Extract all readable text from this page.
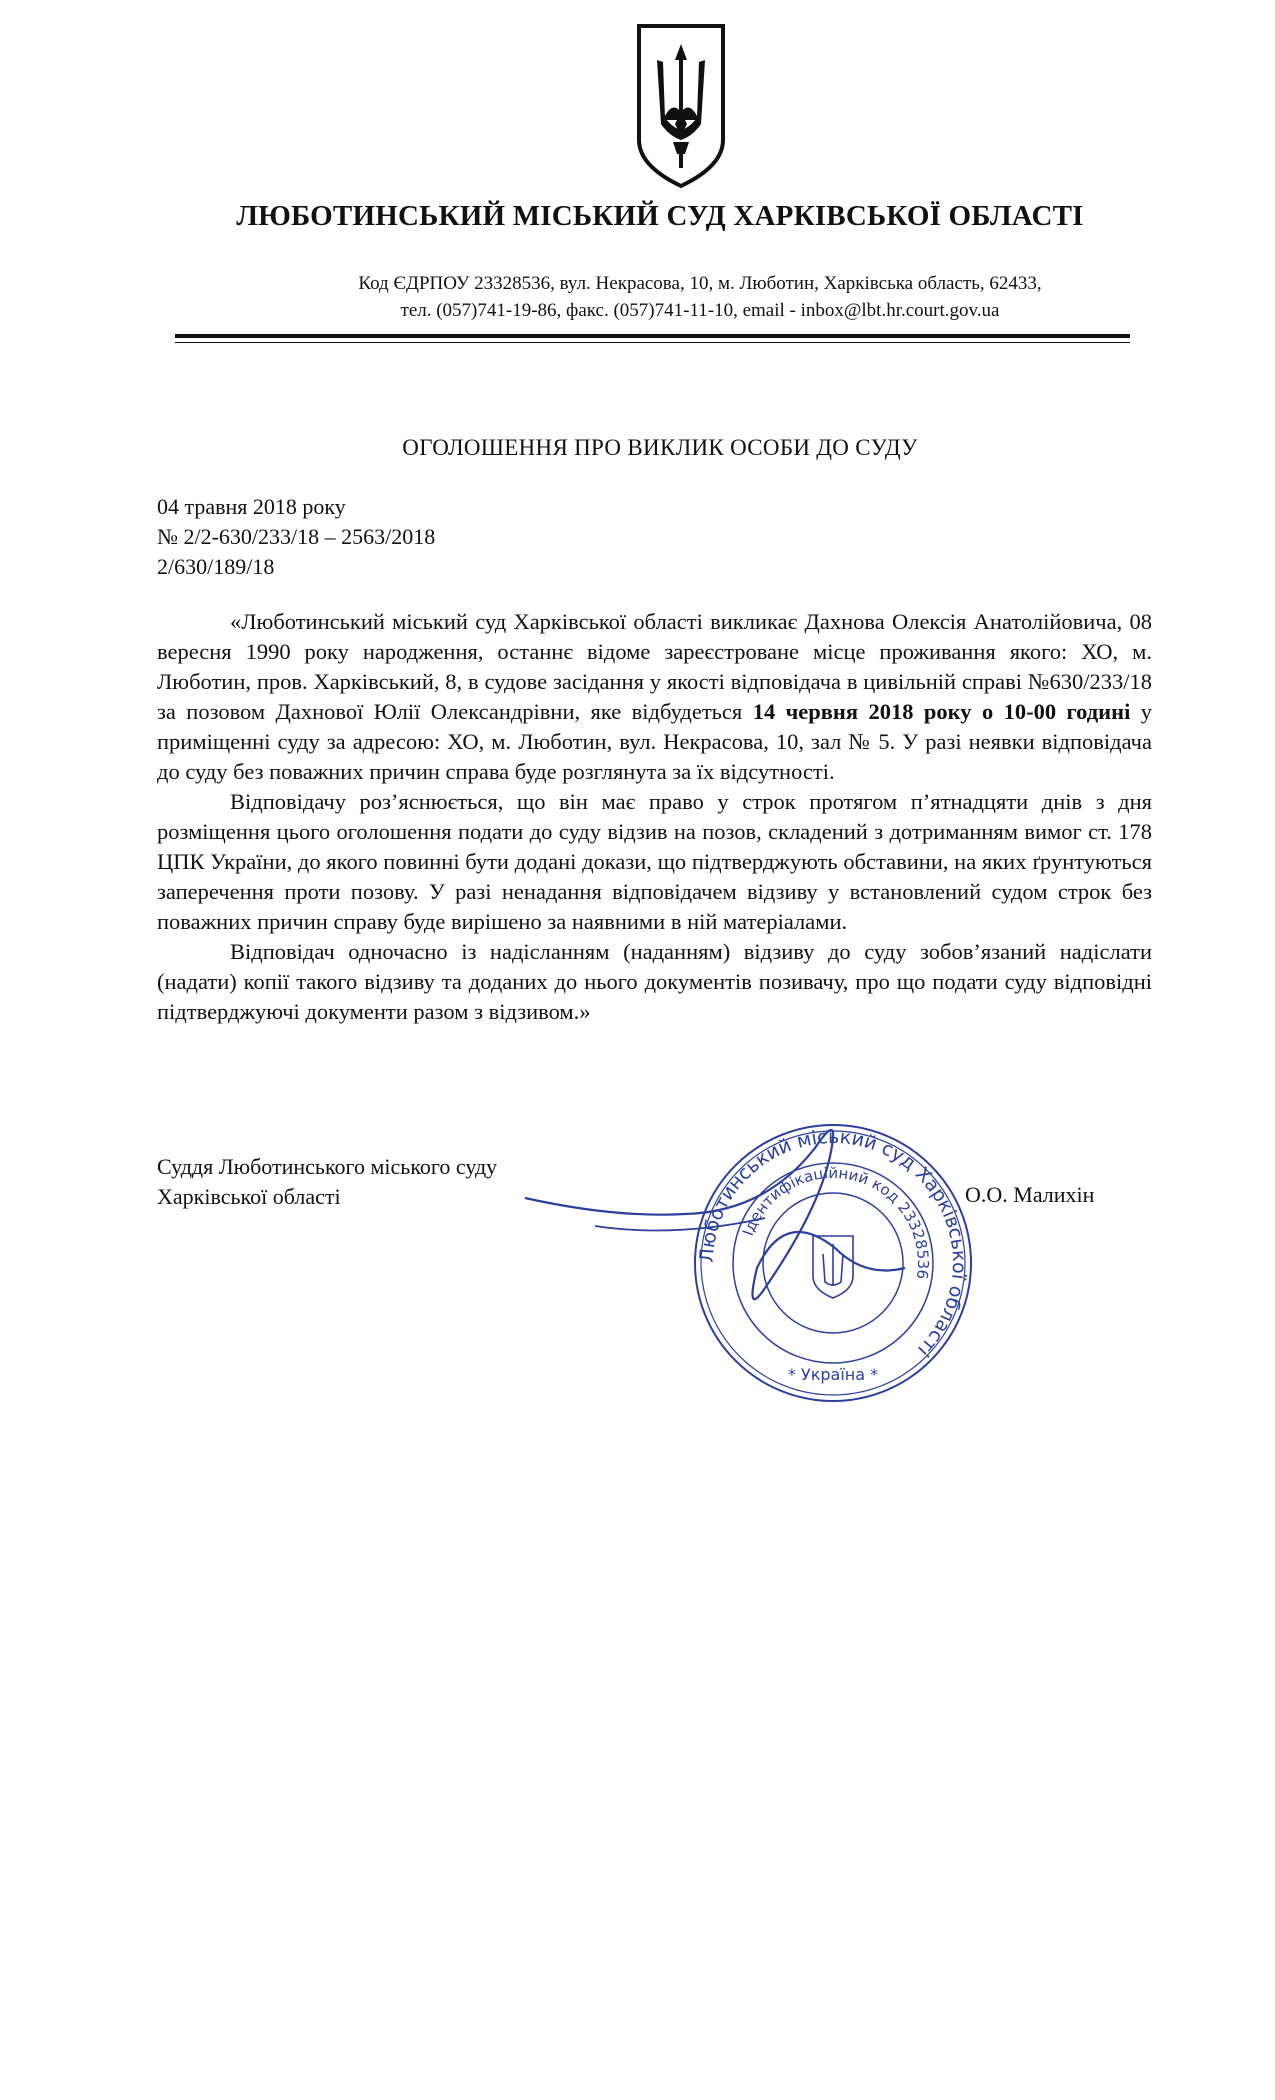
ЛЮБОТИНСЬКИЙ МІСЬКИЙ СУД ХАРКІВСЬКОЇ ОБЛАСТІ
Код ЄДРПОУ 23328536, вул. Некрасова, 10, м. Люботин, Харківська область, 62433,
тел. (057)741-19-86, факс. (057)741-11-10, email - inbox@lbt.hr.court.gov.ua
ОГОЛОШЕННЯ ПРО ВИКЛИК ОСОБИ ДО СУДУ
04 травня 2018 року
№ 2/2-630/233/18 – 2563/2018
2/630/189/18

«Люботинський міський суд Харківської області викликає Дахнова Олексія Анатолійовича, 08 вересня 1990 року народження, останнє відоме зареєстроване місце проживання якого: ХО, м. Люботин, пров. Харківський, 8, в судове засідання у якості відповідача в цивільній справі №630/233/18 за позовом Дахнової Юлії Олександрівни, яке відбудеться 14 червня 2018 року о 10-00 годині у приміщенні суду за адресою: ХО, м. Люботин, вул. Некрасова, 10, зал № 5. У разі неявки відповідача до суду без поважних причин справа буде розглянута за їх відсутності.

Відповідачу роз’яснюється, що він має право у строк протягом п’ятнадцяти днів з дня розміщення цього оголошення подати до суду відзив на позов, складений з дотриманням вимог ст. 178 ЦПК України, до якого повинні бути додані докази, що підтверджують обставини, на яких ґрунтуються заперечення проти позову. У разі ненадання відповідачем відзиву у встановлений судом строк без поважних причин справу буде вирішено за наявними в ній матеріалами.

Відповідач одночасно із надісланням (наданням) відзиву до суду зобов’язаний надіслати (надати) копії такого відзиву та доданих до нього документів позивачу, про що подати суду відповідні підтверджуючі документи разом з відзивом.»

Суддя Люботинського міського суду
Харківської області	О.О. Малихін
Люботинський міський суд Харківської області
Ідентифікаційний код 23328536
* Україна *
